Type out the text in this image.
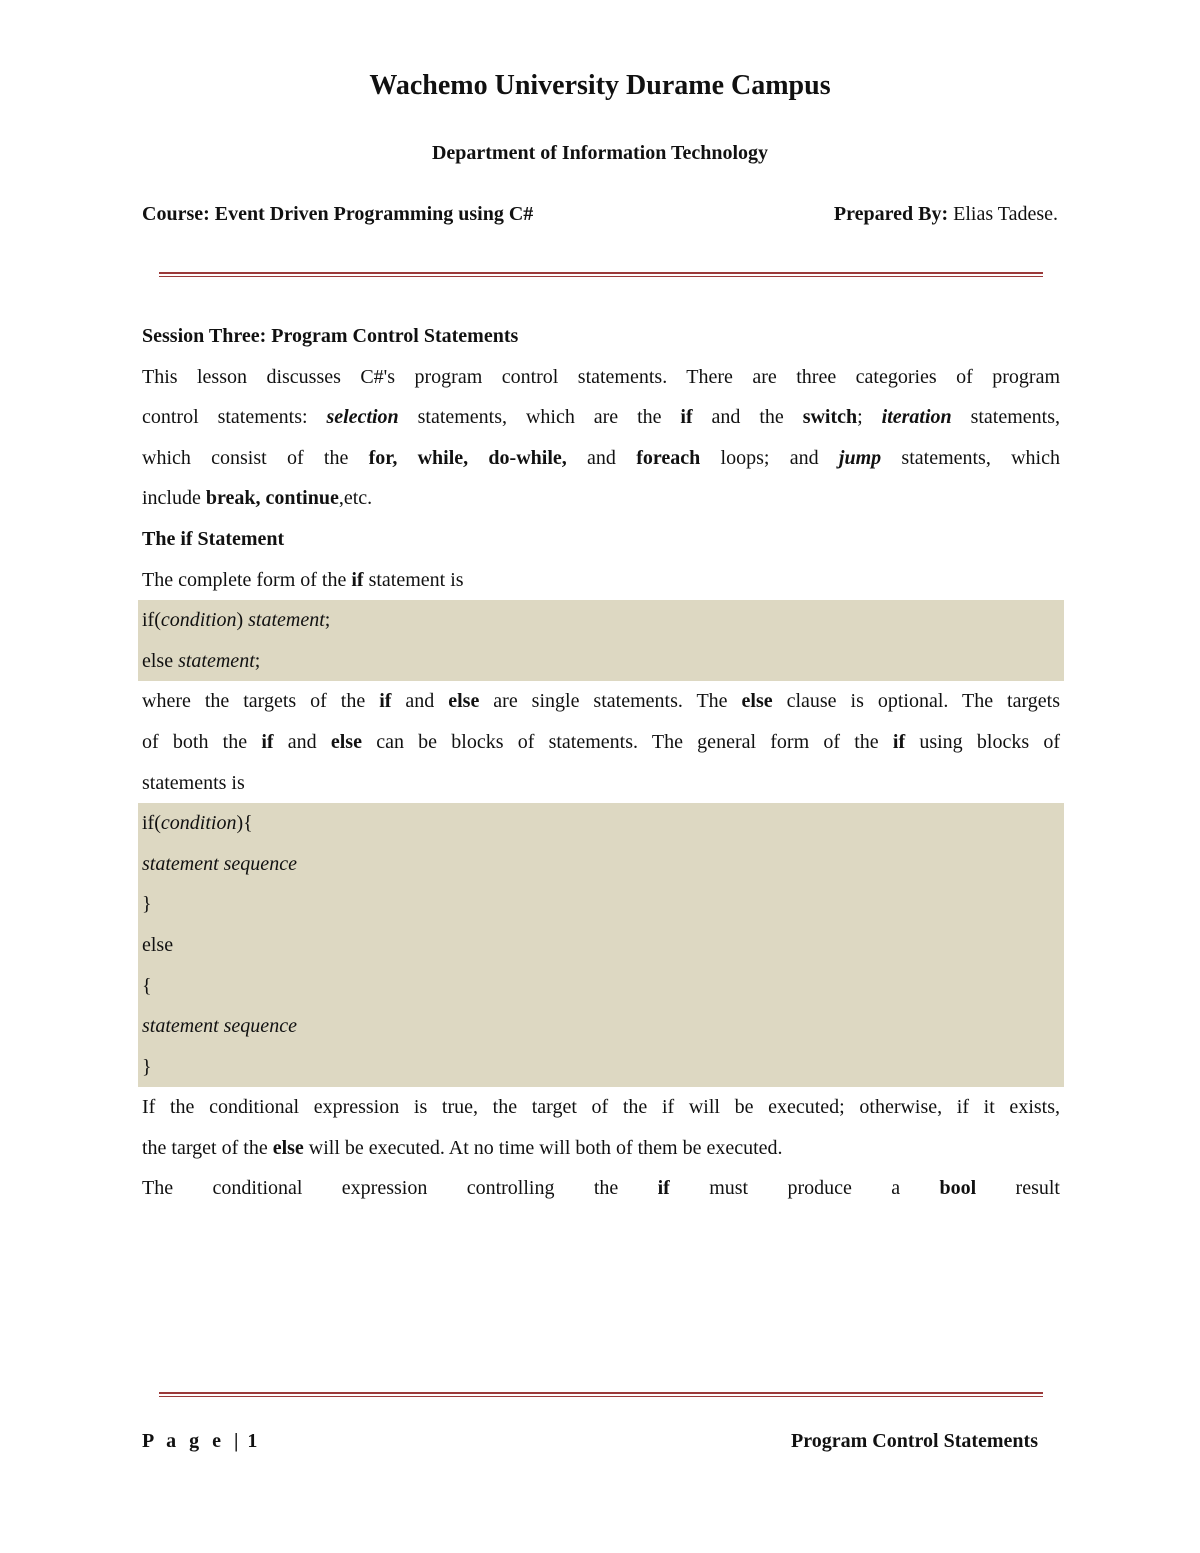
Wachemo University Durame Campus
Department of Information Technology
Course: Event Driven Programming using C#	Prepared By: Elias Tadese.
Session Three: Program Control Statements
This lesson discusses C#'s program control statements. There are three categories of program
control statements: selection statements, which are the if and the switch; iteration statements,
which consist of the for, while, do-while, and foreach loops; and jump statements, which
include break, continue,etc.
The if Statement
The complete form of the if statement is
if(condition) statement;
else statement;
where the targets of the if and else are single statements. The else clause is optional. The targets
of both the if and else can be blocks of statements. The general form of the if using blocks of
statements is
if(condition){
statement sequence
}
else
{
statement sequence
}
If the conditional expression is true, the target of the if will be executed; otherwise, if it exists,
the target of the else will be executed. At no time will both of them be executed.
The conditional expression controlling the if must produce a bool result
P a g e | 1	Program Control Statements
